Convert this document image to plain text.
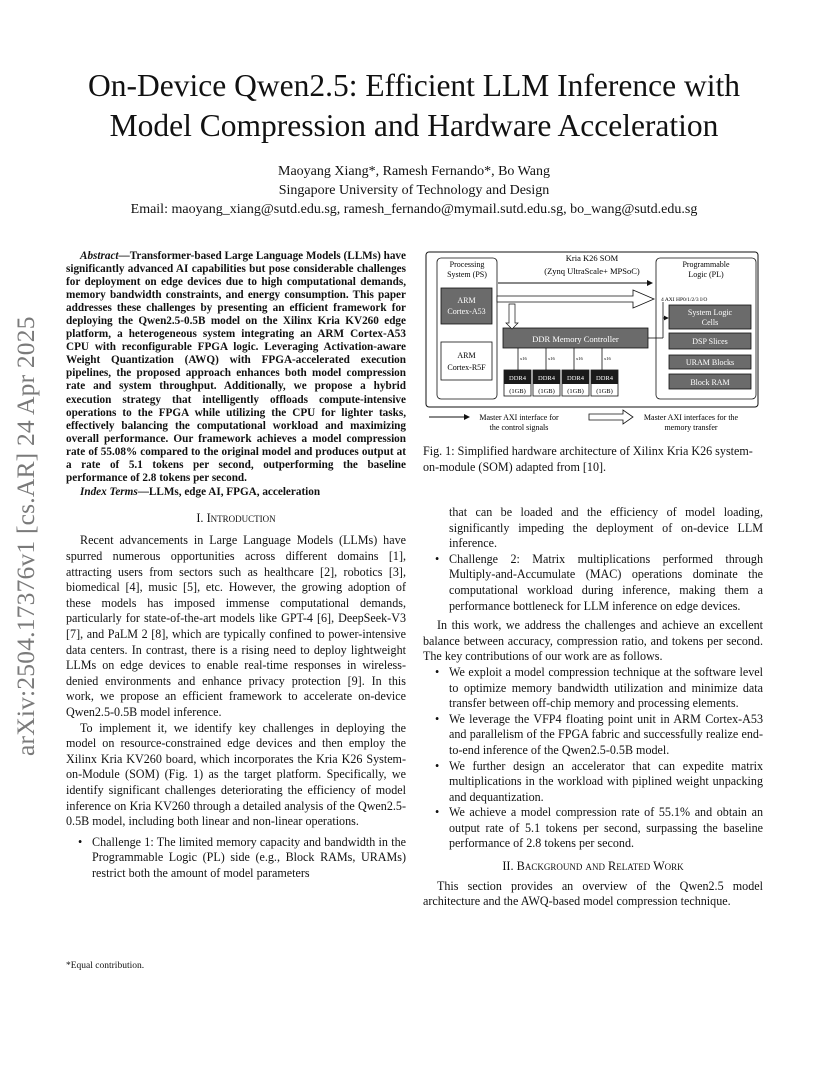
arXiv:2504.17376v1 [cs.AR] 24 Apr 2025
On-Device Qwen2.5: Efficient LLM Inference with
Model Compression and Hardware Acceleration
Maoyang Xiang*, Ramesh Fernando*, Bo Wang
Singapore University of Technology and Design
Email: maoyang_xiang@sutd.edu.sg, ramesh_fernando@mymail.sutd.edu.sg, bo_wang@sutd.edu.sg

Abstract—Transformer-based Large Language Models (LLMs) have significantly advanced AI capabilities but pose considerable challenges for deployment on edge devices due to high computational demands, memory bandwidth constraints, and energy consumption. This paper addresses these challenges by presenting an efficient framework for deploying the Qwen2.5-0.5B model on the Xilinx Kria KV260 edge platform, a heterogeneous system integrating an ARM Cortex-A53 CPU with reconfigurable FPGA logic. Leveraging Activation-aware Weight Quantization (AWQ) with FPGA-accelerated execution pipelines, the proposed approach enhances both model compression rate and system throughput. Additionally, we propose a hybrid execution strategy that intelligently offloads compute-intensive operations to the FPGA while utilizing the CPU for lighter tasks, effectively balancing the computational workload and maximizing overall performance. Our framework achieves a model compression rate of 55.08% compared to the original model and produces output at a rate of 5.1 tokens per second, outperforming the baseline performance of 2.8 tokens per second.

Index Terms—LLMs, edge AI, FPGA, acceleration

I. Introduction

Recent advancements in Large Language Models (LLMs) have spurred numerous opportunities across different domains [1], attracting users from sectors such as healthcare [2], robotics [3], biomedical [4], music [5], etc. However, the growing adoption of these models has imposed immense computational demands, particularly for state-of-the-art models like GPT-4 [6], DeepSeek-V3 [7], and PaLM 2 [8], which are typically confined to power-intensive data centers. In contrast, there is a rising need to deploy lightweight LLMs on edge devices to enable real-time responses in wireless-denied environments and enhance privacy protection [9]. In this work, we propose an efficient framework to accelerate on-device Qwen2.5-0.5B model inference.

To implement it, we identify key challenges in deploying the model on resource-constrained edge devices and then employ the Xilinx Kria KV260 board, which incorporates the Kria K26 System-on-Module (SOM) (Fig. 1) as the target platform. Specifically, we identify significant challenges deteriorating the efficiency of model inference on Kria KV260 through a detailed analysis of the Qwen2.5-0.5B model, including both linear and non-linear operations.

• Challenge 1: The limited memory capacity and bandwidth in the Programmable Logic (PL) side (e.g., Block RAMs, URAMs) restrict both the amount of model parameters
*Equal contribution.
Kria K26 SOM
(Zynq UltraScale+ MPSoC)
Processing
System (PS)
ARM
Cortex-A53
ARM
Cortex-R5F
Programmable
Logic (PL)
4 AXI HP0/1/2/3 I/O
System Logic
Cells
DSP Slices
URAM Blocks
Block RAM
DDR Memory Controller
x16	x16	x16	x16
DDR4
(1GB)
DDR4
(1GB)
DDR4
(1GB)
DDR4
(1GB)
Master AXI interface for
the control signals
Master AXI interfaces for the
memory transfer
Fig. 1: Simplified hardware architecture of Xilinx Kria K26 system-on-module (SOM) adapted from [10].

that can be loaded and the efficiency of model loading, significantly impeding the deployment of on-device LLM inference.

• Challenge 2: Matrix multiplications performed through Multiply-and-Accumulate (MAC) operations dominate the computational workload during inference, making them a performance bottleneck for LLM inference on edge devices.

In this work, we address the challenges and achieve an excellent balance between accuracy, compression ratio, and tokens per second. The key contributions of our work are as follows.

• We exploit a model compression technique at the software level to optimize memory bandwidth utilization and minimize data transfer between off-chip memory and processing elements.
• We leverage the VFP4 floating point unit in ARM Cortex-A53 and parallelism of the FPGA fabric and successfully realize end-to-end inference of the Qwen2.5-0.5B model.
• We further design an accelerator that can expedite matrix multiplications in the workload with piplined weight unpacking and dequantization.
• We achieve a model compression rate of 55.1% and obtain an output rate of 5.1 tokens per second, surpassing the baseline performance of 2.8 tokens per second.

II. Background and Related Work

This section provides an overview of the Qwen2.5 model architecture and the AWQ-based model compression technique.
